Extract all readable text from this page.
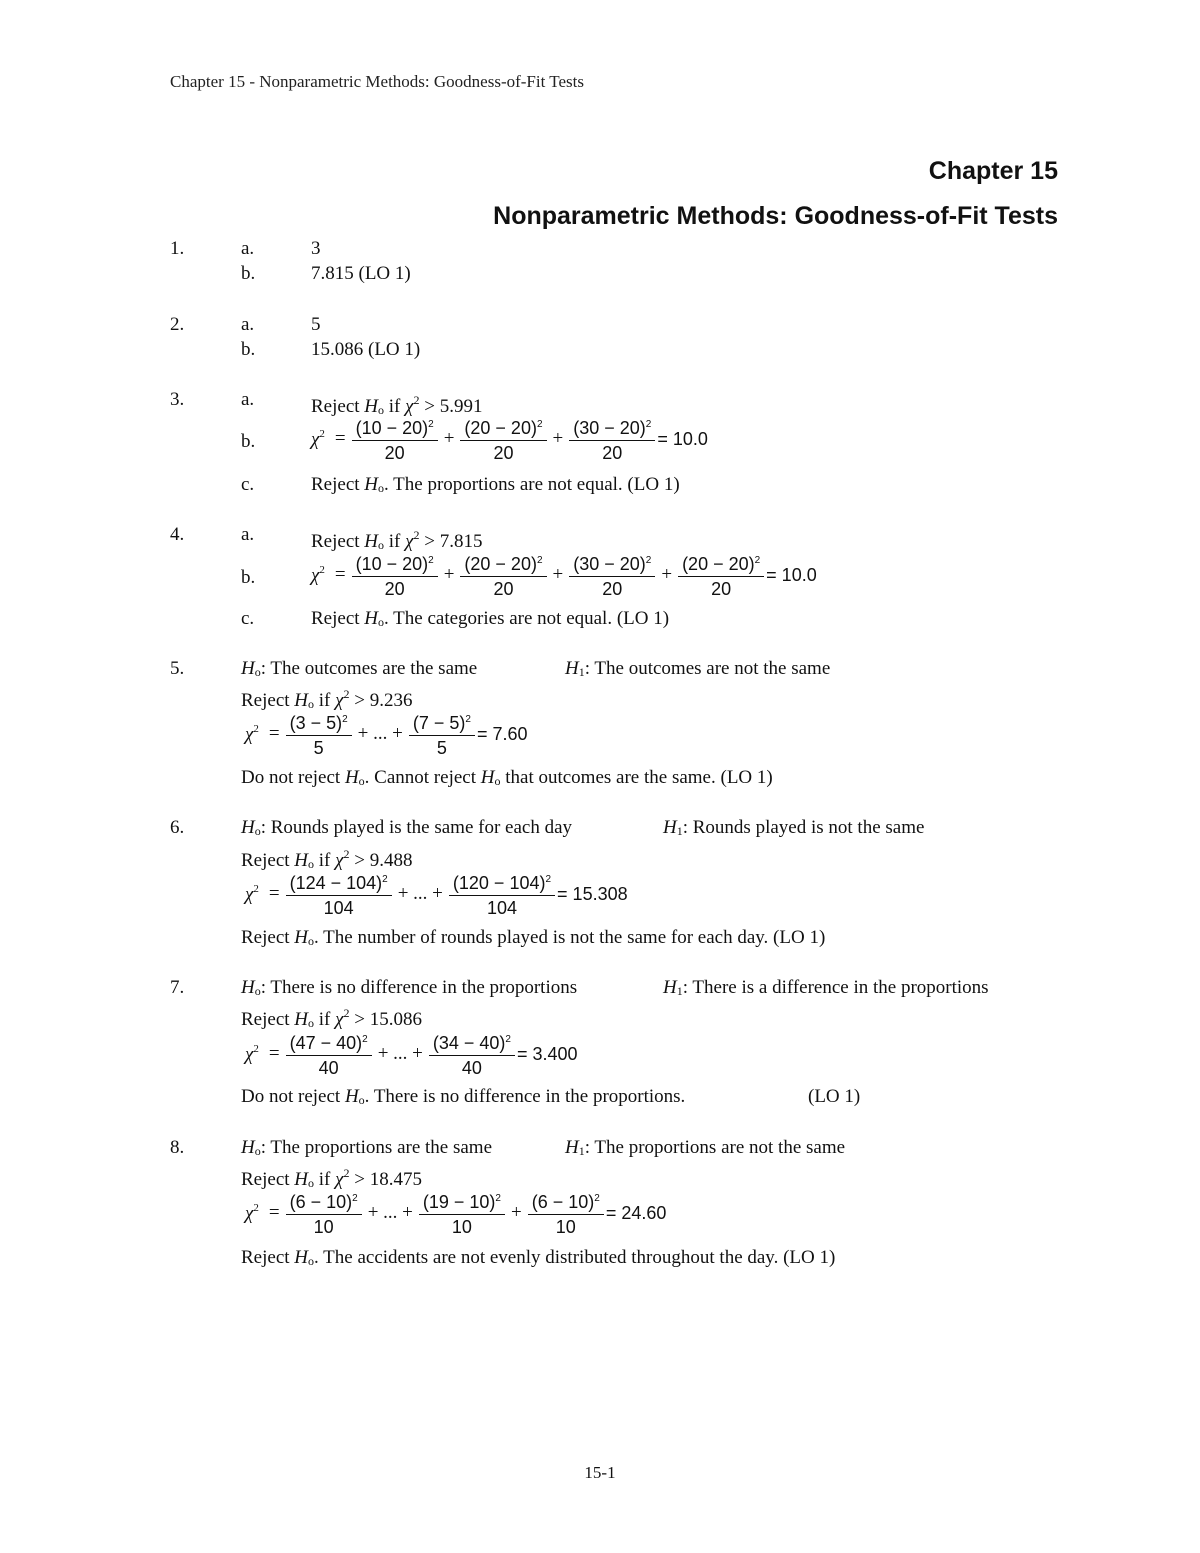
Chapter 15 - Nonparametric Methods: Goodness-of-Fit Tests
Chapter 15
Nonparametric Methods: Goodness-of-Fit Tests
1.	a.	3
b.	7.815 (LO 1)
2.	a.	5
b.	15.086 (LO 1)
3.	a.	Reject $H_o$ if $\chi^2 > 5.991$
b.	$\chi^2 = \frac{(10 - 20)^2}{20} + \frac{(20 - 20)^2}{20} + \frac{(30 - 20)^2}{20} = 10.0$
c.	Reject $H_o$. The proportions are not equal. (LO 1)
4.	a.	Reject $H_o$ if $\chi^2 > 7.815$
b.	$\chi^2 = \frac{(10 - 20)^2}{20} + \frac{(20 - 20)^2}{20} + \frac{(30 - 20)^2}{20} + \frac{(20 - 20)^2}{20} = 10.0$
c.	Reject $H_o$. The categories are not equal. (LO 1)
5.	$H_o$: The outcomes are the same	$H_1$: The outcomes are not the same
Reject $H_o$ if $\chi^2 > 9.236$
$\chi^2 = \frac{(3 - 5)^2}{5}$ + ... + $\frac{(7 - 5)^2}{5} = 7.60$
Do not reject $H_o$. Cannot reject $H_o$ that outcomes are the same. (LO 1)
6.	$H_o$: Rounds played is the same for each day	$H_1$: Rounds played is not the same
Reject $H_o$ if $\chi^2 > 9.488$
$\chi^2 = \frac{(124 - 104)^2}{104}$ + ... + $\frac{(120 - 104)^2}{104} = 15.308$
Reject $H_o$. The number of rounds played is not the same for each day. (LO 1)
7.	$H_o$: There is no difference in the proportions	$H_1$: There is a difference in the proportions
Reject $H_o$ if $\chi^2 > 15.086$
$\chi^2 = \frac{(47 - 40)^2}{40}$ + ... + $\frac{(34 - 40)^2}{40} = 3.400$
Do not reject $H_o$. There is no difference in the proportions.	(LO 1)
8.	$H_o$: The proportions are the same	$H_1$: The proportions are not the same
Reject $H_o$ if $\chi^2 > 18.475$
$\chi^2 = \frac{(6 - 10)^2}{10}$ + ... + $\frac{(19 - 10)^2}{10} + \frac{(6 - 10)^2}{10} = 24.60$
Reject $H_o$. The accidents are not evenly distributed throughout the day. (LO 1)
15-1
